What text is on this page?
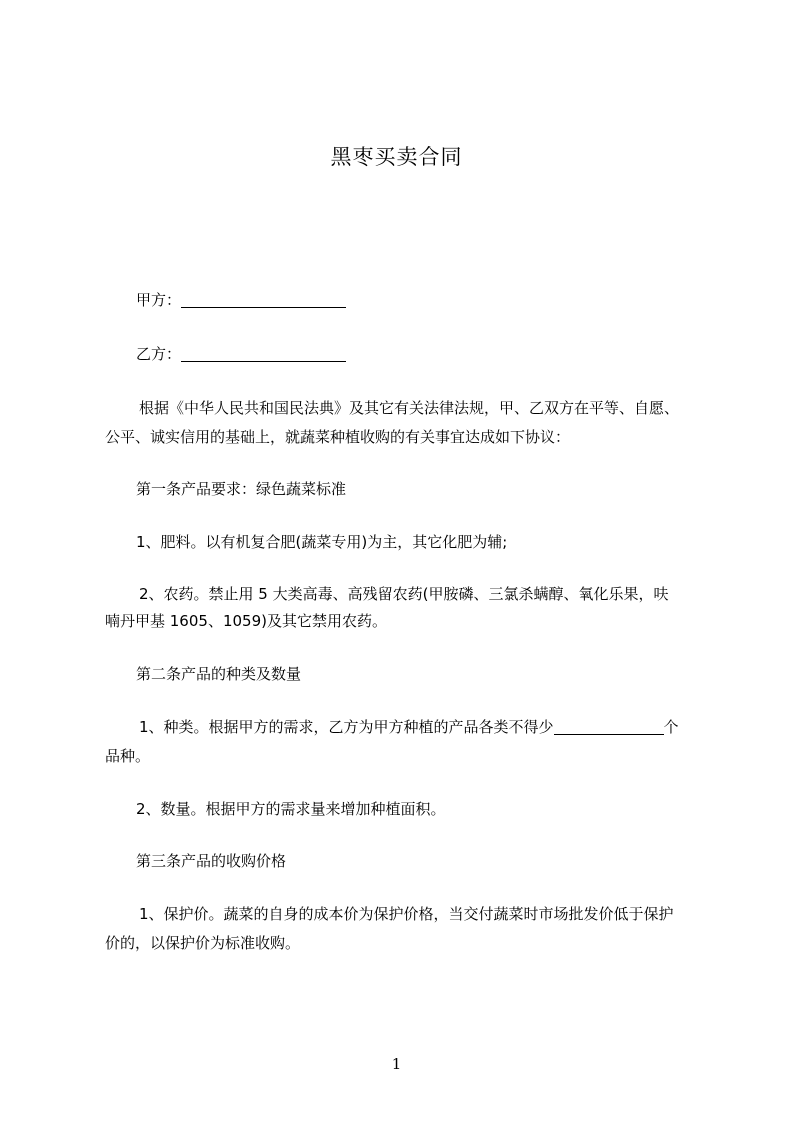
黑枣买卖合同
甲方：
乙方：
根据《中华人民共和国民法典》及其它有关法律法规，甲、乙双方在平等、自愿、
公平、诚实信用的基础上，就蔬菜种植收购的有关事宜达成如下协议：
第一条产品要求：绿色蔬菜标准
1、肥料。以有机复合肥(蔬菜专用)为主，其它化肥为辅;
2、农药。禁止用 5 大类高毒、高残留农药(甲胺磷、三氯杀螨醇、氧化乐果，呋
喃丹甲基 1605、1059)及其它禁用农药。
第二条产品的种类及数量
1、种类。根据甲方的需求，乙方为甲方种植的产品各类不得少	个
品种。
2、数量。根据甲方的需求量来增加种植面积。
第三条产品的收购价格
1、保护价。蔬菜的自身的成本价为保护价格，当交付蔬菜时市场批发价低于保护
价的，以保护价为标准收购。
1
